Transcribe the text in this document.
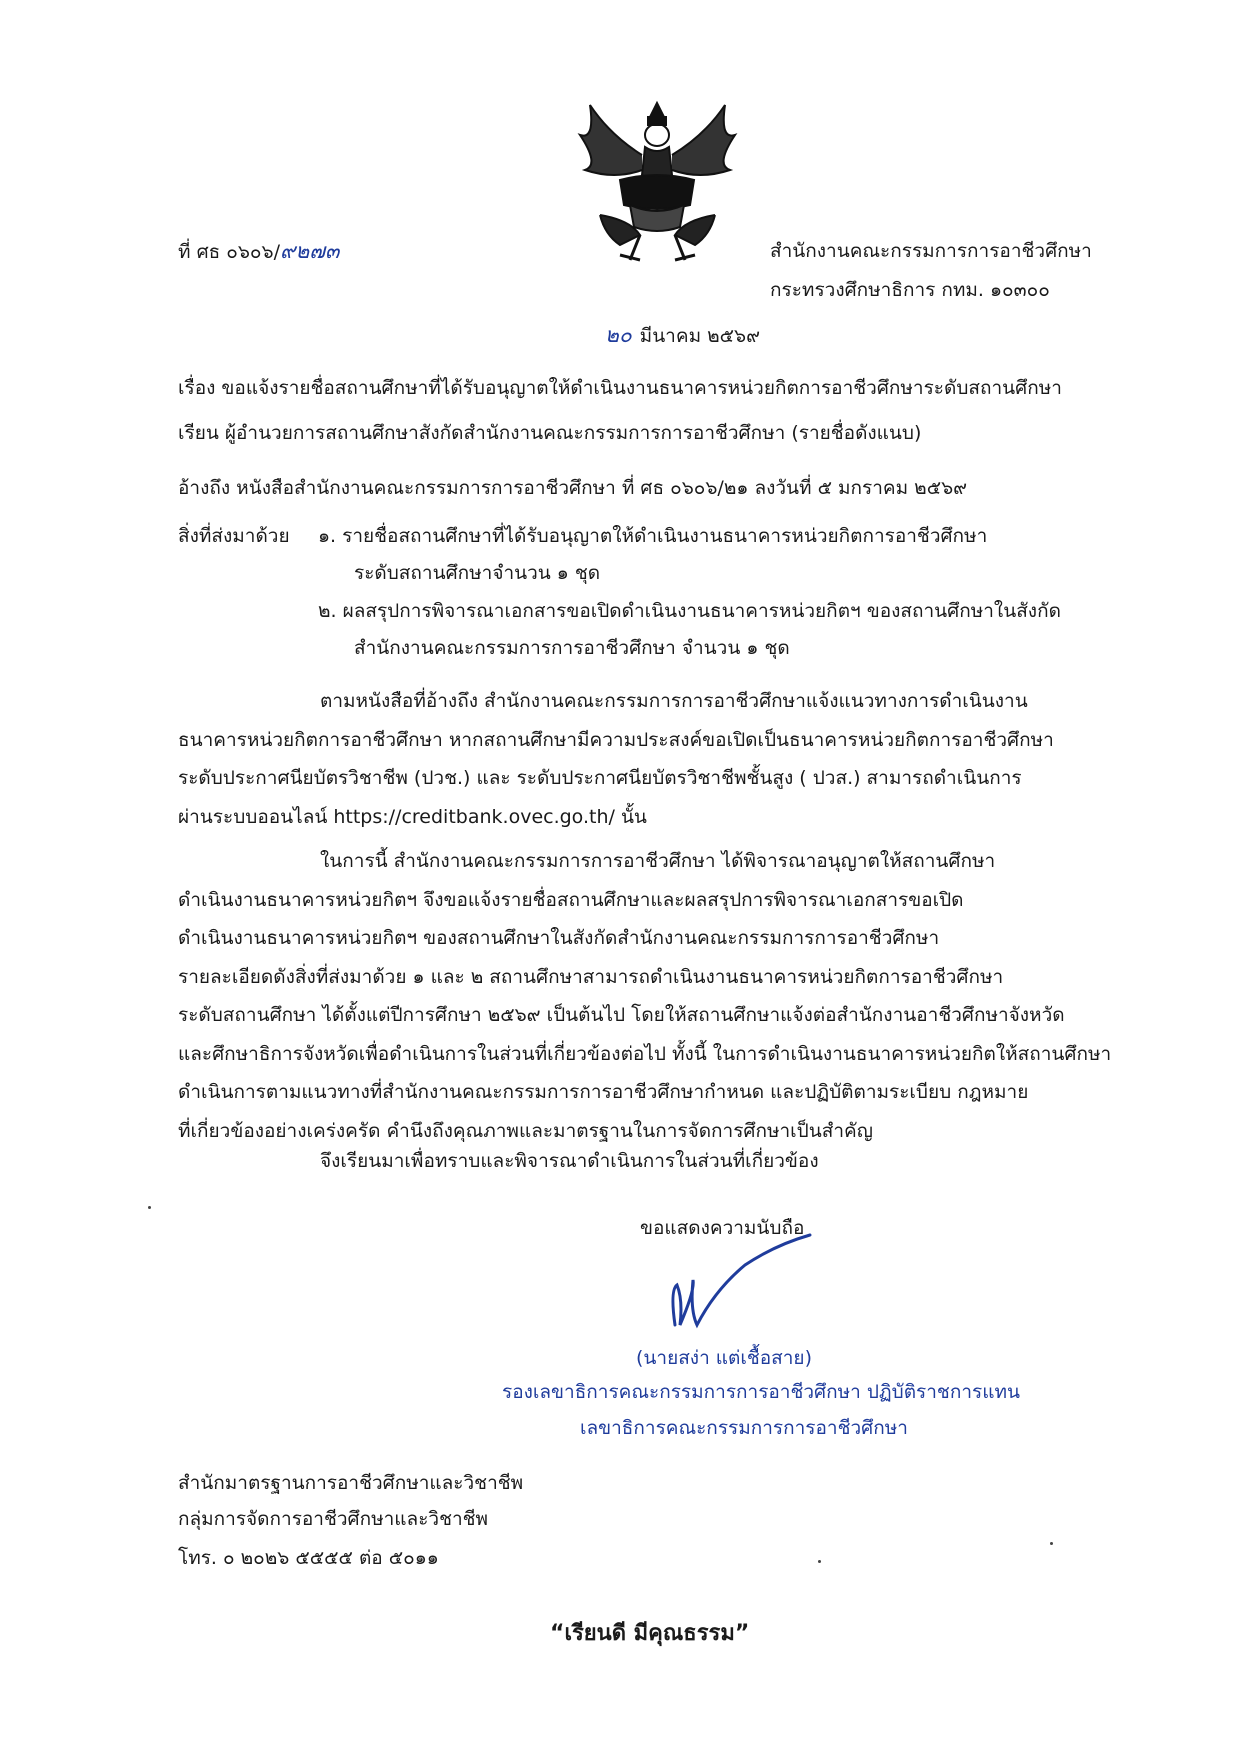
ที่ ศธ ๐๖๐๖/๙๒๗๓	สำนักงานคณะกรรมการการอาชีวศึกษา
กระทรวงศึกษาธิการ กทม. ๑๐๓๐๐
๒๐ มีนาคม ๒๕๖๙
เรื่อง ขอแจ้งรายชื่อสถานศึกษาที่ได้รับอนุญาตให้ดำเนินงานธนาคารหน่วยกิตการอาชีวศึกษาระดับสถานศึกษา
เรียน ผู้อำนวยการสถานศึกษาสังกัดสำนักงานคณะกรรมการการอาชีวศึกษา (รายชื่อดังแนบ)
อ้างถึง หนังสือสำนักงานคณะกรรมการการอาชีวศึกษา ที่ ศธ ๐๖๐๖/๒๑ ลงวันที่ ๕ มกราคม ๒๕๖๙
สิ่งที่ส่งมาด้วย ๑. รายชื่อสถานศึกษาที่ได้รับอนุญาตให้ดำเนินงานธนาคารหน่วยกิตการอาชีวศึกษา
ระดับสถานศึกษาจำนวน ๑ ชุด
๒. ผลสรุปการพิจารณาเอกสารขอเปิดดำเนินงานธนาคารหน่วยกิตฯ ของสถานศึกษาในสังกัด
สำนักงานคณะกรรมการการอาชีวศึกษา จำนวน ๑ ชุด
ตามหนังสือที่อ้างถึง สำนักงานคณะกรรมการการอาชีวศึกษาแจ้งแนวทางการดำเนินงาน
ธนาคารหน่วยกิตการอาชีวศึกษา หากสถานศึกษามีความประสงค์ขอเปิดเป็นธนาคารหน่วยกิตการอาชีวศึกษา
ระดับประกาศนียบัตรวิชาชีพ (ปวช.) และ ระดับประกาศนียบัตรวิชาชีพชั้นสูง ( ปวส.) สามารถดำเนินการ
ผ่านระบบออนไลน์ https://creditbank.ovec.go.th/ นั้น
ในการนี้ สำนักงานคณะกรรมการการอาชีวศึกษา ได้พิจารณาอนุญาตให้สถานศึกษา
ดำเนินงานธนาคารหน่วยกิตฯ จึงขอแจ้งรายชื่อสถานศึกษาและผลสรุปการพิจารณาเอกสารขอเปิด
ดำเนินงานธนาคารหน่วยกิตฯ ของสถานศึกษาในสังกัดสำนักงานคณะกรรมการการอาชีวศึกษา
รายละเอียดดังสิ่งที่ส่งมาด้วย ๑ และ ๒ สถานศึกษาสามารถดำเนินงานธนาคารหน่วยกิตการอาชีวศึกษา
ระดับสถานศึกษา ได้ตั้งแต่ปีการศึกษา ๒๕๖๙ เป็นต้นไป โดยให้สถานศึกษาแจ้งต่อสำนักงานอาชีวศึกษาจังหวัด
และศึกษาธิการจังหวัดเพื่อดำเนินการในส่วนที่เกี่ยวข้องต่อไป ทั้งนี้ ในการดำเนินงานธนาคารหน่วยกิตให้สถานศึกษา
ดำเนินการตามแนวทางที่สำนักงานคณะกรรมการการอาชีวศึกษากำหนด และปฏิบัติตามระเบียบ กฎหมาย
ที่เกี่ยวข้องอย่างเคร่งครัด คำนึงถึงคุณภาพและมาตรฐานในการจัดการศึกษาเป็นสำคัญ
จึงเรียนมาเพื่อทราบและพิจารณาดำเนินการในส่วนที่เกี่ยวข้อง
ขอแสดงความนับถือ
(นายสง่า แต่เชื้อสาย)
รองเลขาธิการคณะกรรมการการอาชีวศึกษา ปฏิบัติราชการแทน
เลขาธิการคณะกรรมการการอาชีวศึกษา
สำนักมาตรฐานการอาชีวศึกษาและวิชาชีพ
กลุ่มการจัดการอาชีวศึกษาและวิชาชีพ
โทร. ๐ ๒๐๒๖ ๕๕๕๕ ต่อ ๕๐๑๑
“เรียนดี มีคุณธรรม”
